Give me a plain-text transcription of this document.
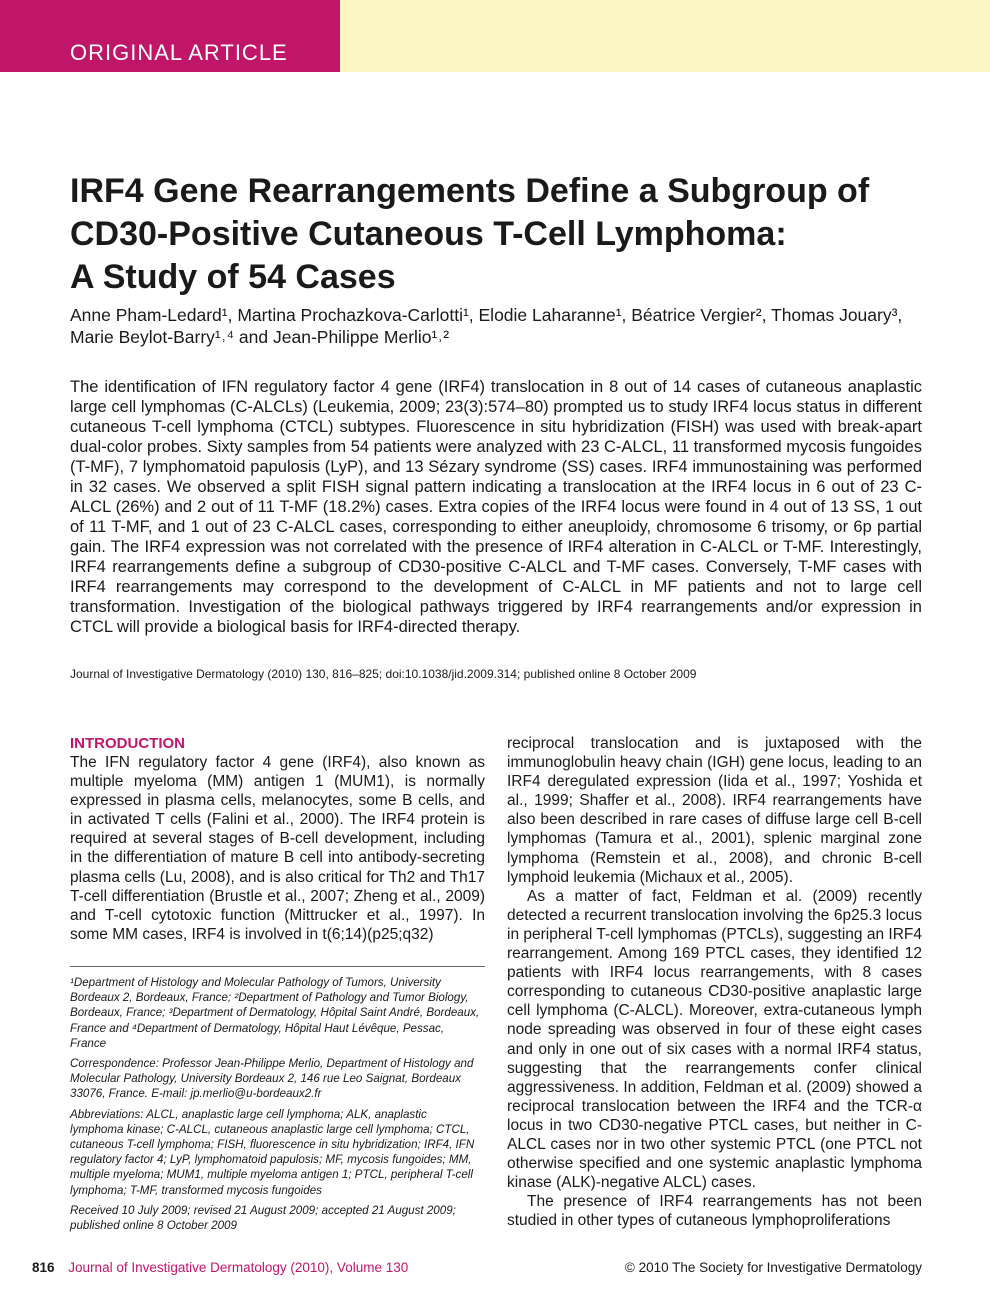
ORIGINAL ARTICLE
IRF4 Gene Rearrangements Define a Subgroup of
CD30-Positive Cutaneous T-Cell Lymphoma:
A Study of 54 Cases
Anne Pham-Ledard¹, Martina Prochazkova-Carlotti¹, Elodie Laharanne¹, Béatrice Vergier², Thomas Jouary³,
Marie Beylot-Barry¹˒⁴ and Jean-Philippe Merlio¹˒²

The identification of IFN regulatory factor 4 gene (IRF4) translocation in 8 out of 14 cases of cutaneous anaplastic large cell lymphomas (C-ALCLs) (Leukemia, 2009; 23(3):574–80) prompted us to study IRF4 locus status in different cutaneous T-cell lymphoma (CTCL) subtypes. Fluorescence in situ hybridization (FISH) was used with break-apart dual-color probes. Sixty samples from 54 patients were analyzed with 23 C-ALCL, 11 transformed mycosis fungoides (T-MF), 7 lymphomatoid papulosis (LyP), and 13 Sézary syndrome (SS) cases. IRF4 immunostaining was performed in 32 cases. We observed a split FISH signal pattern indicating a translocation at the IRF4 locus in 6 out of 23 C-ALCL (26%) and 2 out of 11 T-MF (18.2%) cases. Extra copies of the IRF4 locus were found in 4 out of 13 SS, 1 out of 11 T-MF, and 1 out of 23 C-ALCL cases, corresponding to either aneuploidy, chromosome 6 trisomy, or 6p partial gain. The IRF4 expression was not correlated with the presence of IRF4 alteration in C-ALCL or T-MF. Interestingly, IRF4 rearrangements define a subgroup of CD30-positive C-ALCL and T-MF cases. Conversely, T-MF cases with IRF4 rearrangements may correspond to the development of C-ALCL in MF patients and not to large cell transformation. Investigation of the biological pathways triggered by IRF4 rearrangements and/or expression in CTCL will provide a biological basis for IRF4-directed therapy.

Journal of Investigative Dermatology (2010) 130, 816–825; doi:10.1038/jid.2009.314; published online 8 October 2009

INTRODUCTION

The IFN regulatory factor 4 gene (IRF4), also known as multiple myeloma (MM) antigen 1 (MUM1), is normally expressed in plasma cells, melanocytes, some B cells, and in activated T cells (Falini et al., 2000). The IRF4 protein is required at several stages of B-cell development, including in the differentiation of mature B cell into antibody-secreting plasma cells (Lu, 2008), and is also critical for Th2 and Th17 T-cell differentiation (Brustle et al., 2007; Zheng et al., 2009) and T-cell cytotoxic function (Mittrucker et al., 1997). In some MM cases, IRF4 is involved in t(6;14)(p25;q32)

¹Department of Histology and Molecular Pathology of Tumors, University Bordeaux 2, Bordeaux, France; ²Department of Pathology and Tumor Biology, Bordeaux, France; ³Department of Dermatology, Hôpital Saint André, Bordeaux, France and ⁴Department of Dermatology, Hôpital Haut Lévêque, Pessac, France

Correspondence: Professor Jean-Philippe Merlio, Department of Histology and Molecular Pathology, University Bordeaux 2, 146 rue Leo Saignat, Bordeaux 33076, France. E-mail: jp.merlio@u-bordeaux2.fr

Abbreviations: ALCL, anaplastic large cell lymphoma; ALK, anaplastic lymphoma kinase; C-ALCL, cutaneous anaplastic large cell lymphoma; CTCL, cutaneous T-cell lymphoma; FISH, fluorescence in situ hybridization; IRF4, IFN regulatory factor 4; LyP, lymphomatoid papulosis; MF, mycosis fungoides; MM, multiple myeloma; MUM1, multiple myeloma antigen 1; PTCL, peripheral T-cell lymphoma; T-MF, transformed mycosis fungoides

Received 10 July 2009; revised 21 August 2009; accepted 21 August 2009; published online 8 October 2009

reciprocal translocation and is juxtaposed with the immunoglobulin heavy chain (IGH) gene locus, leading to an IRF4 deregulated expression (Iida et al., 1997; Yoshida et al., 1999; Shaffer et al., 2008). IRF4 rearrangements have also been described in rare cases of diffuse large cell B-cell lymphomas (Tamura et al., 2001), splenic marginal zone lymphoma (Remstein et al., 2008), and chronic B-cell lymphoid leukemia (Michaux et al., 2005).

As a matter of fact, Feldman et al. (2009) recently detected a recurrent translocation involving the 6p25.3 locus in peripheral T-cell lymphomas (PTCLs), suggesting an IRF4 rearrangement. Among 169 PTCL cases, they identified 12 patients with IRF4 locus rearrangements, with 8 cases corresponding to cutaneous CD30-positive anaplastic large cell lymphoma (C-ALCL). Moreover, extra-cutaneous lymph node spreading was observed in four of these eight cases and only in one out of six cases with a normal IRF4 status, suggesting that the rearrangements confer clinical aggressiveness. In addition, Feldman et al. (2009) showed a reciprocal translocation between the IRF4 and the TCR-α locus in two CD30-negative PTCL cases, but neither in C-ALCL cases nor in two other systemic PTCL (one PTCL not otherwise specified and one systemic anaplastic lymphoma kinase (ALK)-negative ALCL) cases.

The presence of IRF4 rearrangements has not been studied in other types of cutaneous lymphoproliferations

816 Journal of Investigative Dermatology (2010), Volume 130	© 2010 The Society for Investigative Dermatology
